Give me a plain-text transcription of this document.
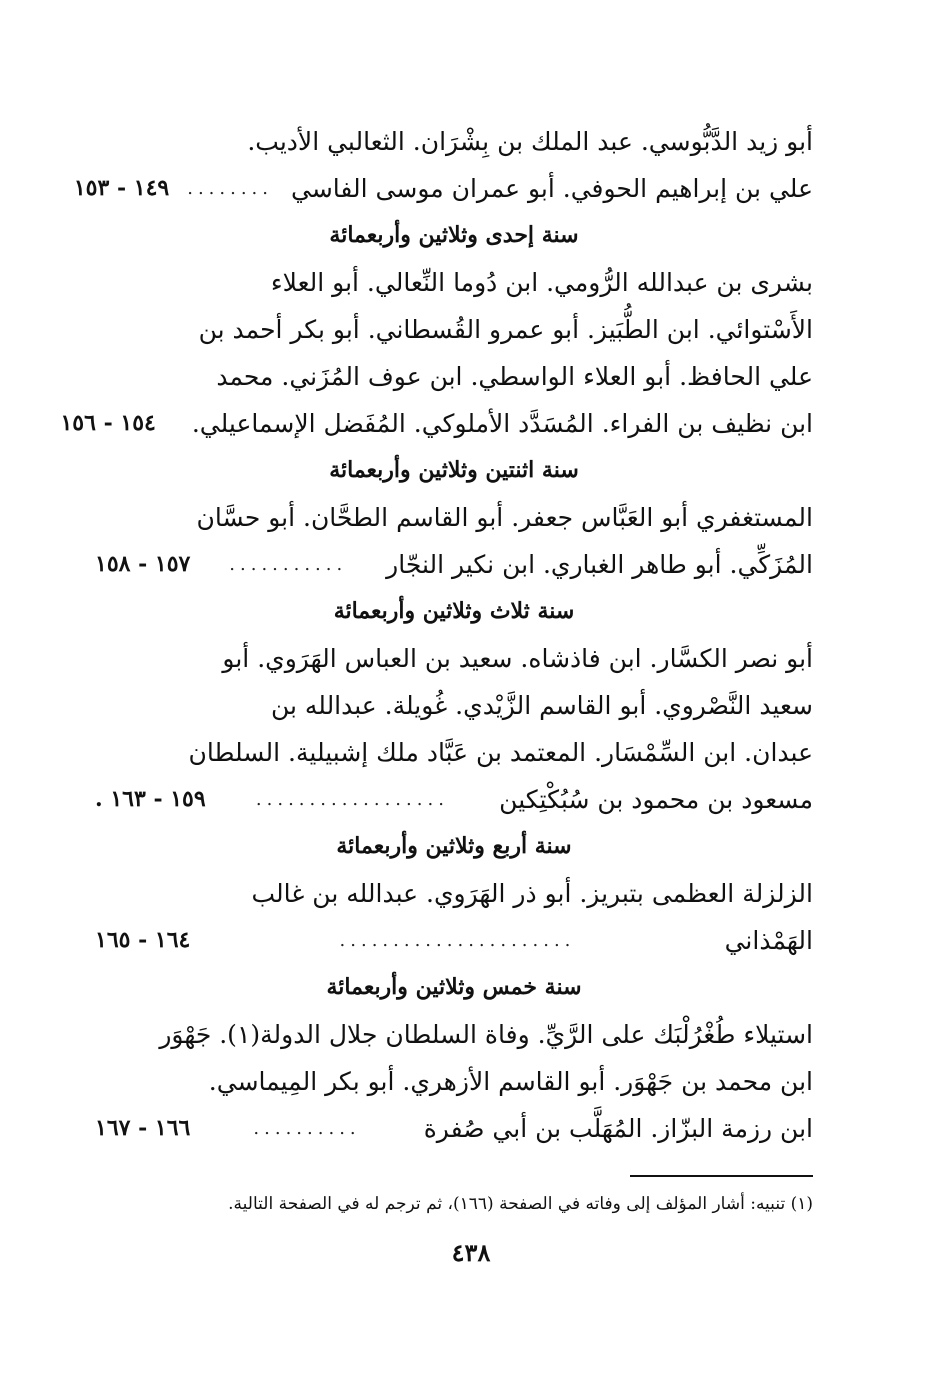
أبو زيد الدَّبُّوسي. عبد الملك بن بِشْرَان. الثعالبي الأديب.
علي بن إبراهيم الحوفي. أبو عمران موسى الفاسي
........
١٤٩ - ١٥٣
سنة إحدى وثلاثين وأربعمائة
بشرى بن عبدالله الرُّومي. ابن دُوما النِّعالي. أبو العلاء
الأَسْتوائي. ابن الطُّبَيز. أبو عمرو القُسطاني. أبو بكر أحمد بن
علي الحافظ. أبو العلاء الواسطي. ابن عوف المُزَني. محمد
ابن نظيف بن الفراء. المُسَدَّد الأملوكي. المُفَضل الإسماعيلي.
١٥٤ - ١٥٦
سنة اثنتين وثلاثين وأربعمائة
المستغفري أبو العَبَّاس جعفر. أبو القاسم الطحَّان. أبو حسَّان
المُزَكِّي. أبو طاهر الغباري. ابن نكير النجّار
...........
١٥٧ - ١٥٨
سنة ثلاث وثلاثين وأربعمائة
أبو نصر الكسَّار. ابن فاذشاه. سعيد بن العباس الهَرَوي. أبو
سعيد النَّصْروي. أبو القاسم الزَّيْدي. غُويلة. عبدالله بن
عبدان. ابن السِّمْسَار. المعتمد بن عَبَّاد ملك إشبيلية. السلطان
مسعود بن محمود بن سُبُكْتِكين
..................
١٥٩ - ١٦٣ .
سنة أربع وثلاثين وأربعمائة
الزلزلة العظمى بتبريز. أبو ذر الهَرَوي. عبدالله بن غالب
الهَمْذاني
......................
١٦٤ - ١٦٥
سنة خمس وثلاثين وأربعمائة
استيلاء طُغْرُلْبَك على الرَّيِّ. وفاة السلطان جلال الدولة(١). جَهْوَر
ابن محمد بن جَهْوَر. أبو القاسم الأزهري. أبو بكر المِيماسي.
ابن رزمة البزّاز. المُهَلَّب بن أبي صُفرة
..........
١٦٦ - ١٦٧
(١) تنبيه: أشار المؤلف إلى وفاته في الصفحة (١٦٦)، ثم ترجم له في الصفحة التالية.
٤٣٨
